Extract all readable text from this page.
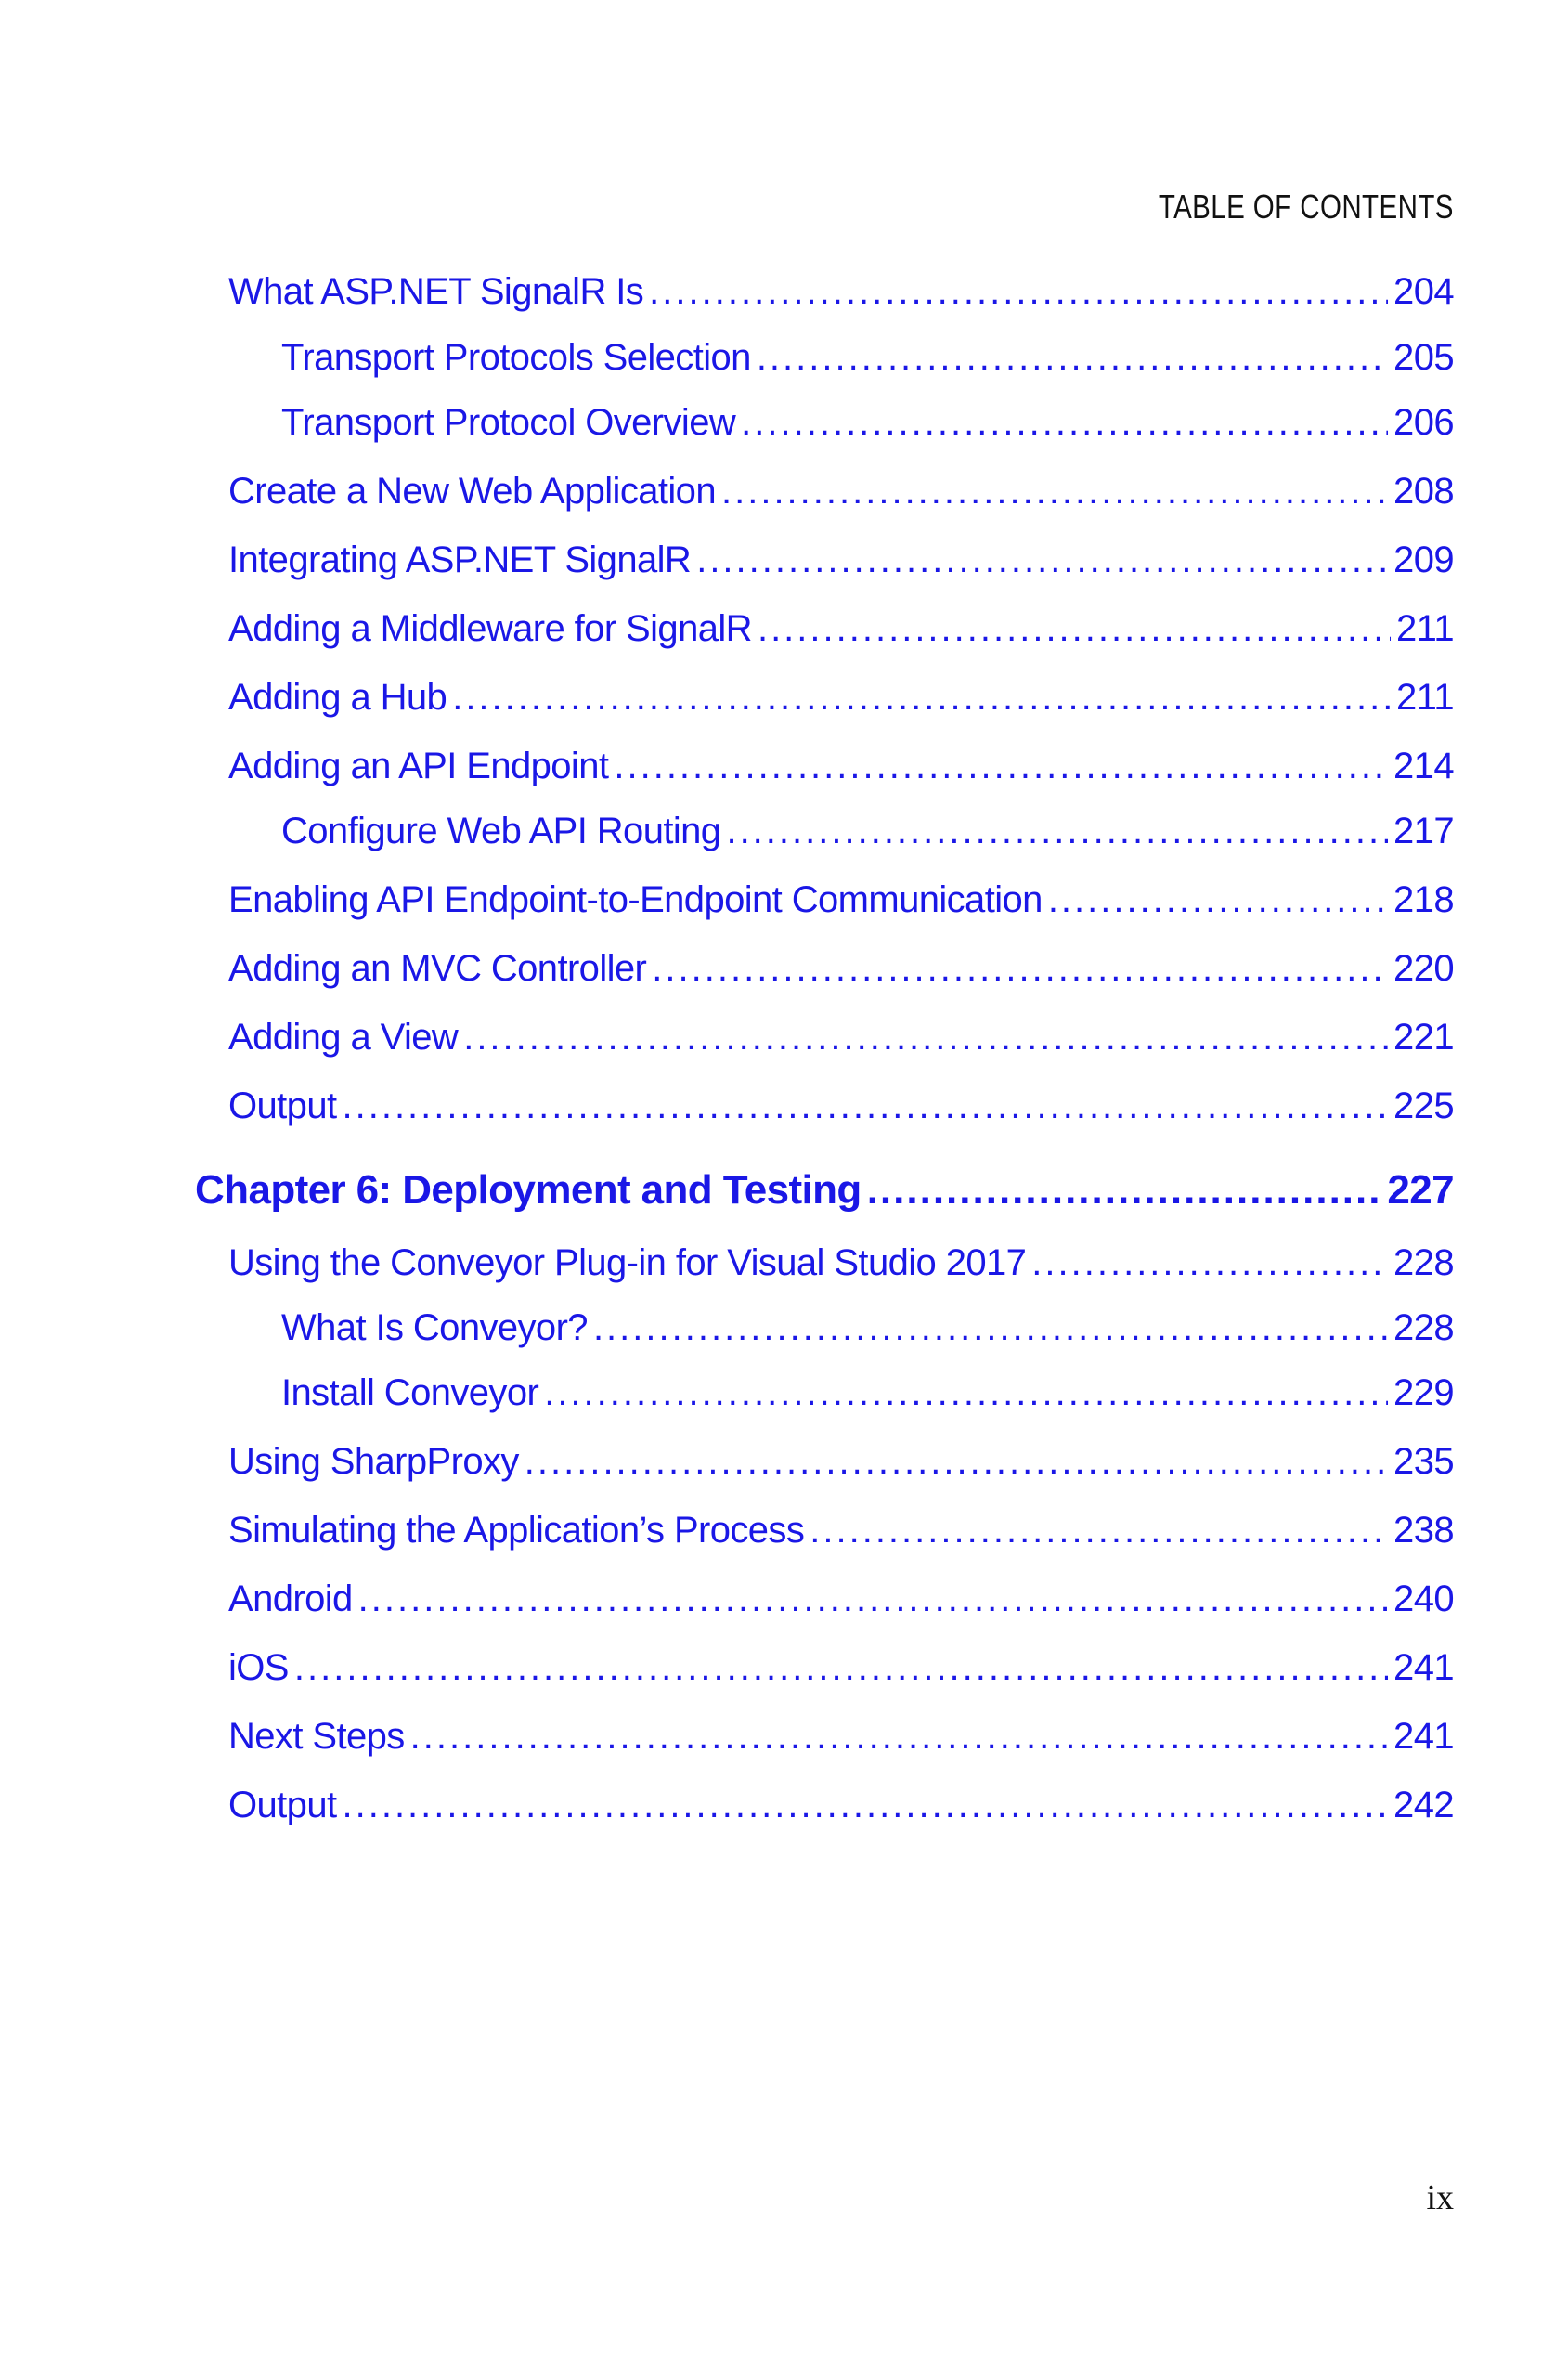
TABLE OF CONTENTS
What ASP.NET SignalR Is .....	204
Transport Protocols Selection .....	205
Transport Protocol Overview .....	206
Create a New Web Application .....	208
Integrating ASP.NET SignalR .....	209
Adding a Middleware for SignalR .....	211
Adding a Hub .....	211
Adding an API Endpoint .....	214
Configure Web API Routing .....	217
Enabling API Endpoint-to-Endpoint Communication .....	218
Adding an MVC Controller .....	220
Adding a View .....	221
Output .....	225
Chapter 6: Deployment and Testing .....	227
Using the Conveyor Plug-in for Visual Studio 2017 .....	228
What Is Conveyor? .....	228
Install Conveyor .....	229
Using SharpProxy .....	235
Simulating the Application’s Process .....	238
Android .....	240
iOS .....	241
Next Steps .....	241
Output .....	242
ix
